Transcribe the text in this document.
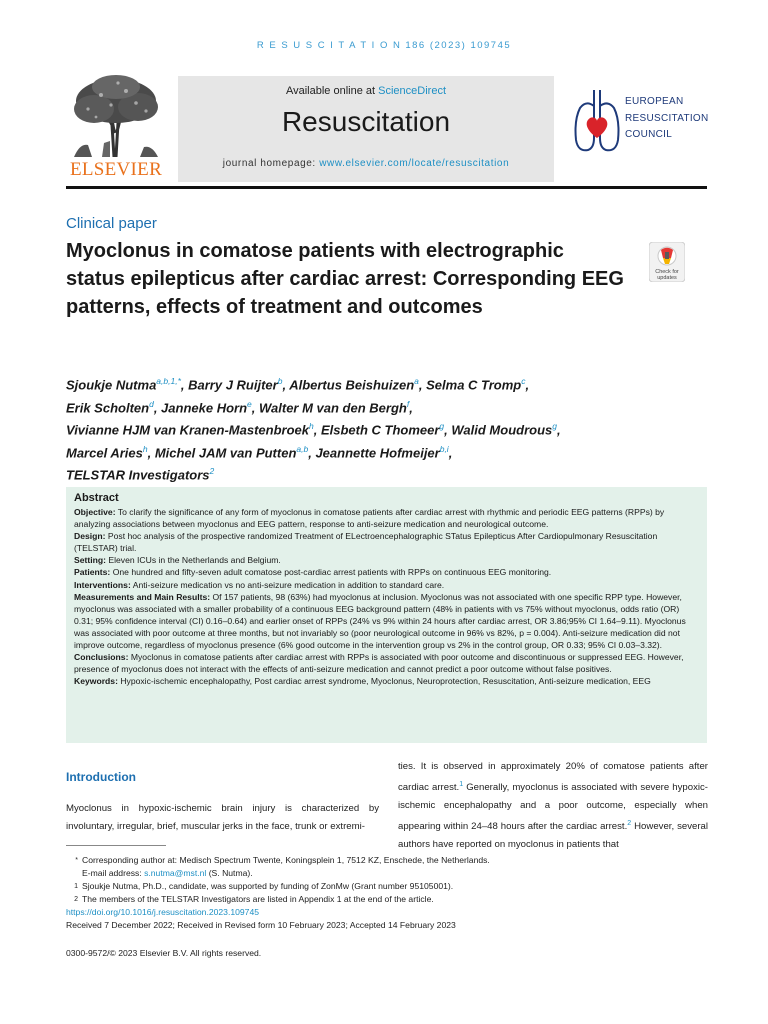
R E S U S C I T A T I O N 186 (2023) 109745
ELSEVIER
Available online at ScienceDirect
Resuscitation
journal homepage: www.elsevier.com/locate/resuscitation
EUROPEAN
RESUSCITATION
COUNCIL
Clinical paper
Myoclonus in comatose patients with electrographic status epilepticus after cardiac arrest: Corresponding EEG patterns, effects of treatment and outcomes
Check for
updates
Sjoukje Nutma$^{a,b,1,*}$, Barry J Ruijter$^b$, Albertus Beishuizen$^a$, Selma C Tromp$^c$,
Erik Scholten$^d$, Janneke Horn$^e$, Walter M van den Bergh$^f$,
Vivianne HJM van Kranen-Mastenbroek$^h$, Elsbeth C Thomeer$^g$, Walid Moudrous$^g$,
Marcel Aries$^h$, Michel JAM van Putten$^{a,b}$, Jeannette Hofmeijer$^{b,i}$,
TELSTAR Investigators$^2$
Abstract

Objective: To clarify the significance of any form of myoclonus in comatose patients after cardiac arrest with rhythmic and periodic EEG patterns (RPPs) by analyzing associations between myoclonus and EEG pattern, response to anti-seizure medication and neurological outcome.

Design: Post hoc analysis of the prospective randomized Treatment of ELectroencephalographic STatus Epilepticus After Cardiopulmonary Resuscitation (TELSTAR) trial.

Setting: Eleven ICUs in the Netherlands and Belgium.

Patients: One hundred and fifty-seven adult comatose post-cardiac arrest patients with RPPs on continuous EEG monitoring.

Interventions: Anti-seizure medication vs no anti-seizure medication in addition to standard care.

Measurements and Main Results: Of 157 patients, 98 (63%) had myoclonus at inclusion. Myoclonus was not associated with one specific RPP type. However, myoclonus was associated with a smaller probability of a continuous EEG background pattern (48% in patients with vs 75% without myoclonus, odds ratio (OR) 0.31; 95% confidence interval (CI) 0.16–0.64) and earlier onset of RPPs (24% vs 9% within 24 hours after cardiac arrest, OR 3.86;95% CI 1.64–9.11). Myoclonus was associated with poor outcome at three months, but not invariably so (poor neurological outcome in 96% vs 82%, p = 0.004). Anti-seizure medication did not improve outcome, regardless of myoclonus presence (6% good outcome in the intervention group vs 2% in the control group, OR 0.33; 95% CI 0.03–3.32).

Conclusions: Myoclonus in comatose patients after cardiac arrest with RPPs is associated with poor outcome and discontinuous or suppressed EEG. However, presence of myoclonus does not interact with the effects of anti-seizure medication and cannot predict a poor outcome without false positives.

Keywords: Hypoxic-ischemic encephalopathy, Post cardiac arrest syndrome, Myoclonus, Neuroprotection, Resuscitation, Anti-seizure medication, EEG

Introduction
Myoclonus in hypoxic-ischemic brain injury is characterized by involuntary, irregular, brief, muscular jerks in the face, trunk or extremi-
ties. It is observed in approximately 20% of comatose patients after cardiac arrest.$^1$ Generally, myoclonus is associated with severe hypoxic-ischemic encephalopathy and a poor outcome, especially when appearing within 24–48 hours after the cardiac arrest.$^2$ However, several authors have reported on myoclonus in patients that
* Corresponding author at: Medisch Spectrum Twente, Koningsplein 1, 7512 KZ, Enschede, the Netherlands.
E-mail address: s.nutma@mst.nl (S. Nutma).
1 Sjoukje Nutma, Ph.D., candidate, was supported by funding of ZonMw (Grant number 95105001).
2 The members of the TELSTAR Investigators are listed in Appendix 1 at the end of the article.
https://doi.org/10.1016/j.resuscitation.2023.109745
Received 7 December 2022; Received in Revised form 10 February 2023; Accepted 14 February 2023
0300-9572/© 2023 Elsevier B.V. All rights reserved.
